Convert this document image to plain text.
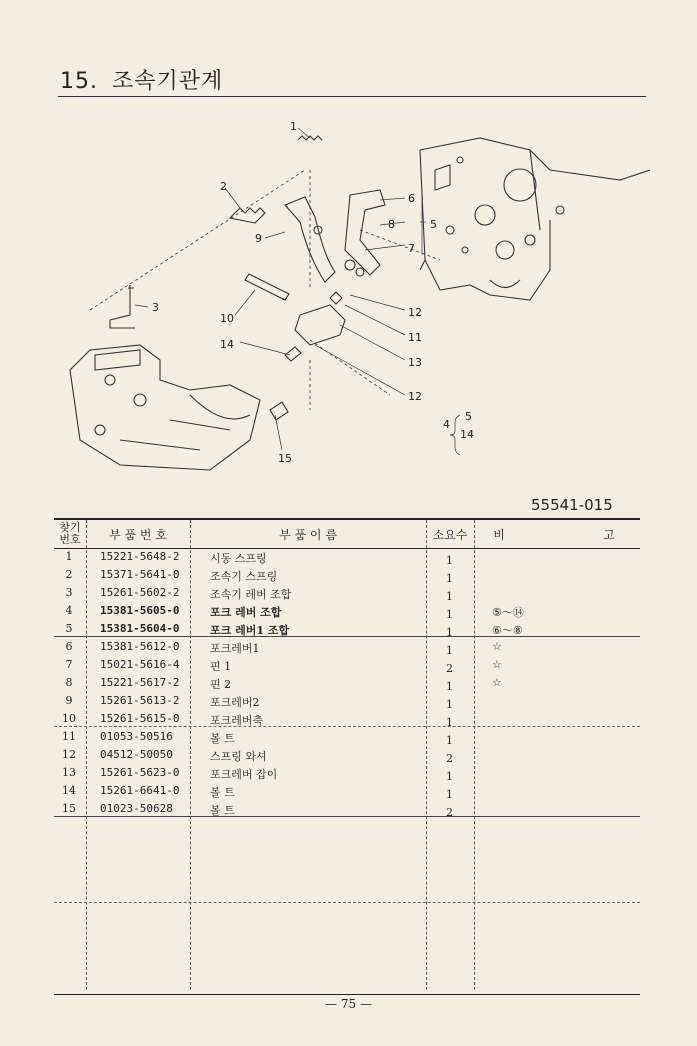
15. 조속기관계
1
2
3
6
8	5
7
9
10	12
11
13
14
12
15
4
5
14
55541-015
찾기
번호	부 품 번 호	부 품 이 름	소요수	비	고
1	15221-5648-2	시동 스프링	1
2	15371-5641-0	조속기 스프링	1
3	15261-5602-2	조속기 레버 조합	1
4	15381-5605-0	포크 레버 조합	1	⑤～⑭
5	15381-5604-0	포크 레버1 조합	1	⑥～⑧
6	15381-5612-0	포크레버1	1	☆
7	15021-5616-4	핀 1	2	☆
8	15221-5617-2	핀 2	1	☆
9	15261-5613-2	포크레버2	1
10	15261-5615-0	포크레버축	1
11	01053-50516	볼 트	1
12	04512-50050	스프링 와셔	2
13	15261-5623-0	포크레버 잡이	1
14	15261-6641-0	볼 트	1
15	01023-50628	볼 트	2
— 75 —
